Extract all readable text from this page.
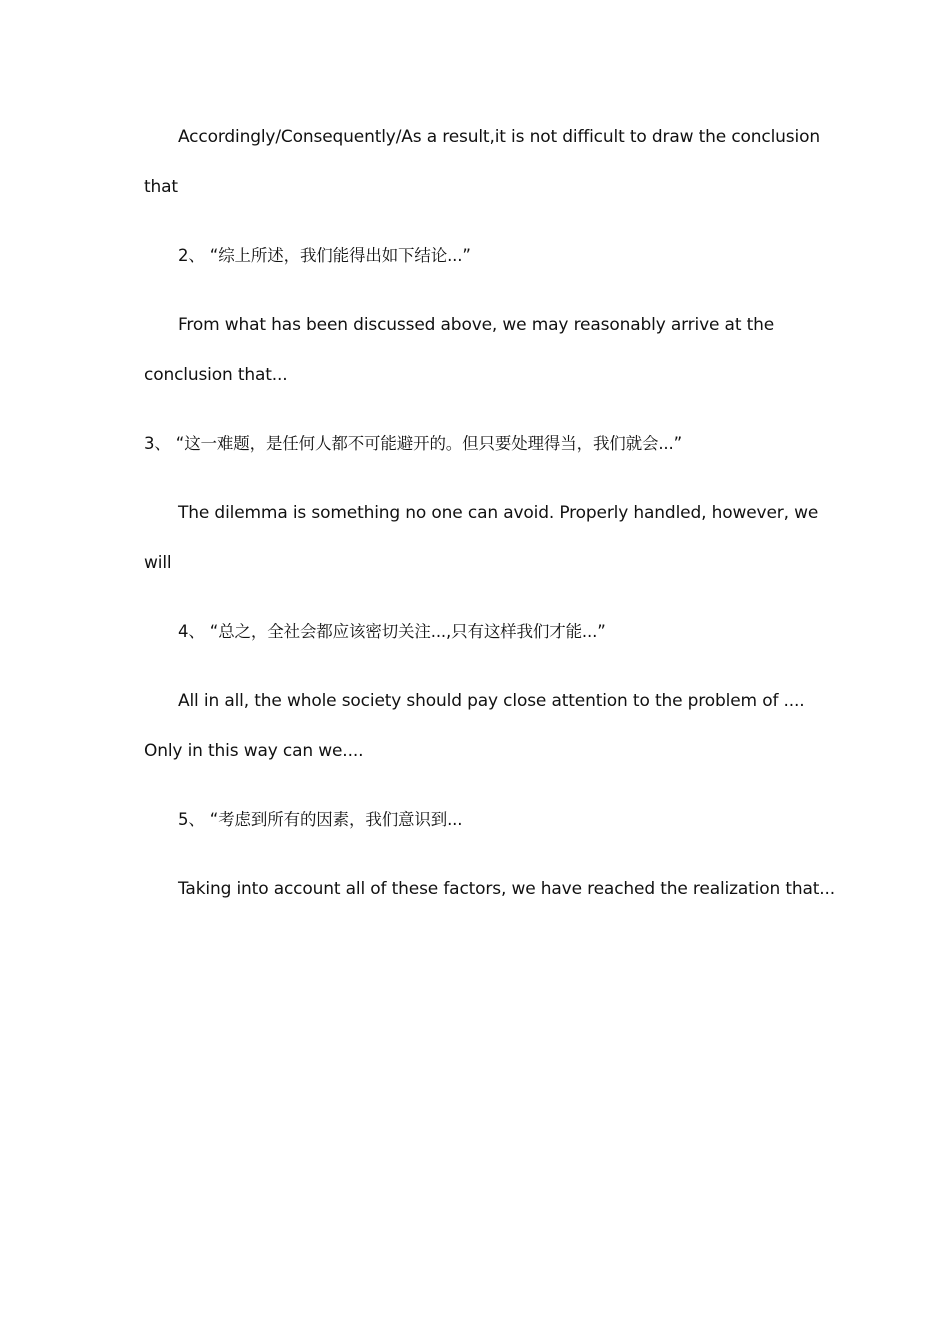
Accordingly/Consequently/As a result,it is not difficult to draw the conclusion
that
2、 “综上所述，我们能得出如下结论...”
From what has been discussed above, we may reasonably arrive at the
conclusion that...
3、 “这一难题，是任何人都不可能避开的。但只要处理得当，我们就会...”
The dilemma is something no one can avoid. Properly handled, however, we
will
4、 “总之，全社会都应该密切关注...,只有这样我们才能...”
All in all, the whole society should pay close attention to the problem of ....
Only in this way can we....
5、 “考虑到所有的因素，我们意识到...
Taking into account all of these factors, we have reached the realization that...
